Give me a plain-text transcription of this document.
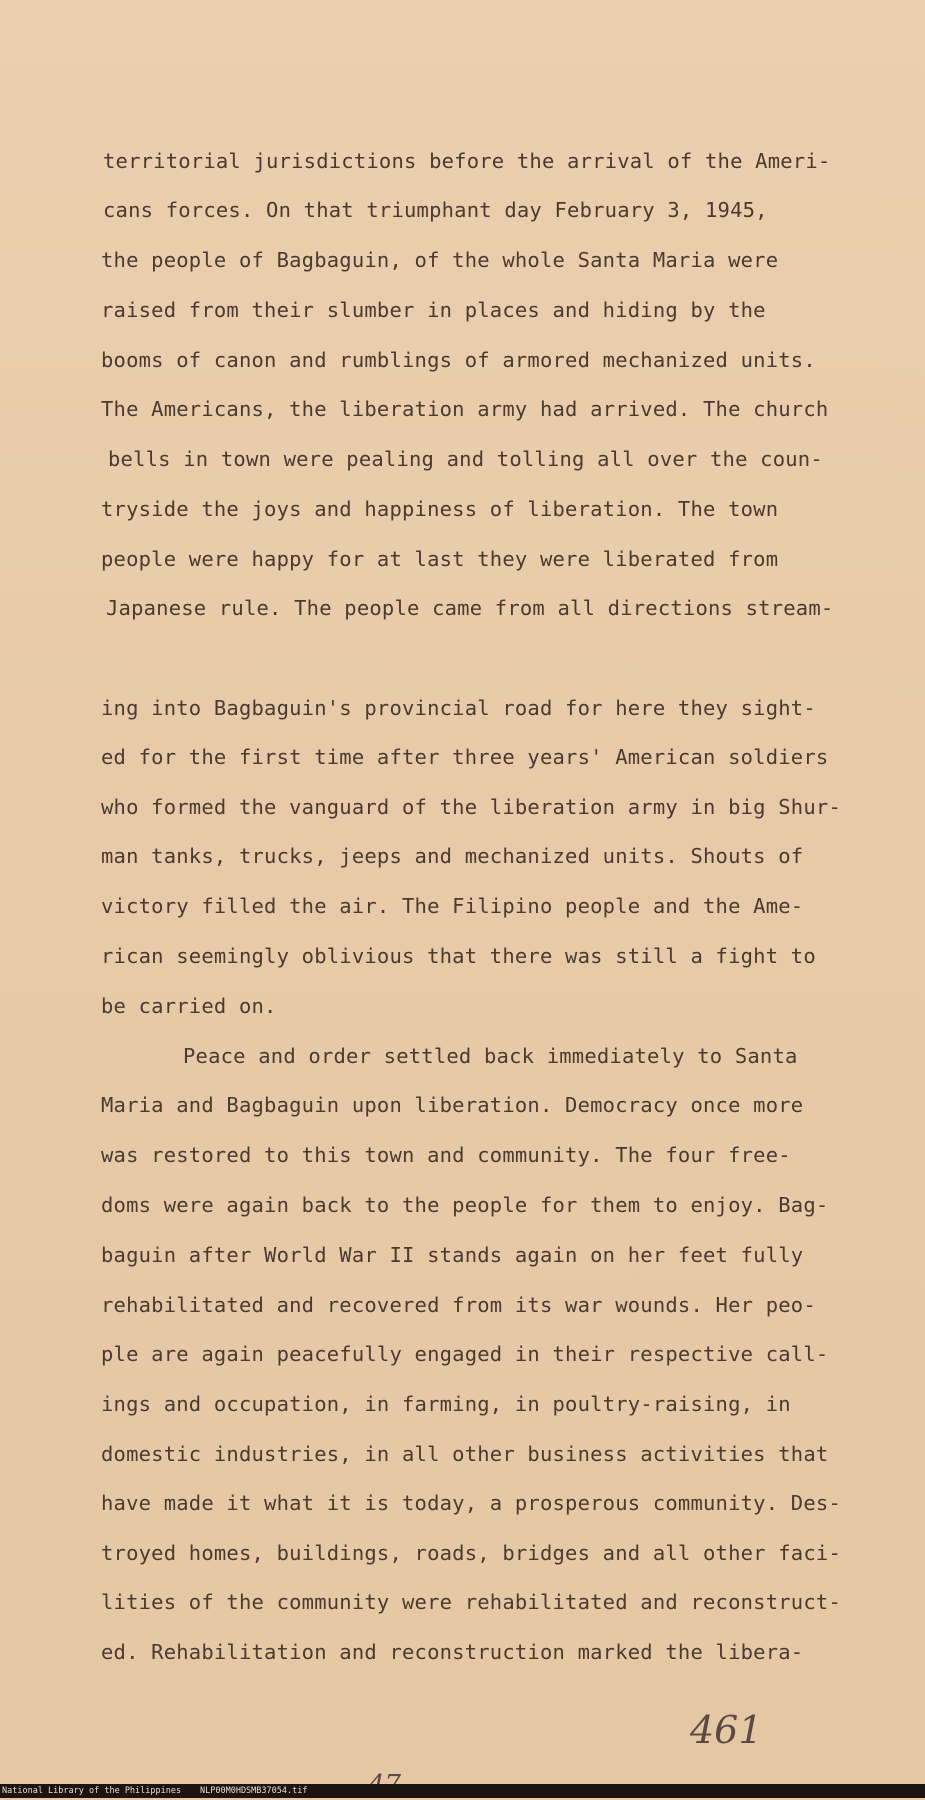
territorial jurisdictions before the arrival of the Ameri-
cans forces. On that triumphant day February 3, 1945,
the people of Bagbaguin, of the whole Santa Maria were
raised from their slumber in places and hiding by the
booms of canon and rumblings of armored mechanized units.
The Americans, the liberation army had arrived. The church
bells in town were pealing and tolling all over the coun-
tryside the joys and happiness of liberation. The town
people were happy for at last they were liberated from
Japanese rule. The people came from all directions stream-
ing into Bagbaguin's provincial road for here they sight-
ed for the first time after three years' American soldiers
who formed the vanguard of the liberation army in big Shur-
man tanks, trucks, jeeps and mechanized units. Shouts of
victory filled the air. The Filipino people and the Ame-
rican seemingly oblivious that there was still a fight to
be carried on.
Peace and order settled back immediately to Santa
Maria and Bagbaguin upon liberation. Democracy once more
was restored to this town and community. The four free-
doms were again back to the people for them to enjoy. Bag-
baguin after World War II stands again on her feet fully
rehabilitated and recovered from its war wounds. Her peo-
ple are again peacefully engaged in their respective call-
ings and occupation, in farming, in poultry-raising, in
domestic industries, in all other business activities that
have made it what it is today, a prosperous community. Des-
troyed homes, buildings, roads, bridges and all other faci-
lities of the community were rehabilitated and reconstruct-
ed. Rehabilitation and reconstruction marked the libera-
461
National Library of the Philippines NLP00M0HDSMB37054.tif
